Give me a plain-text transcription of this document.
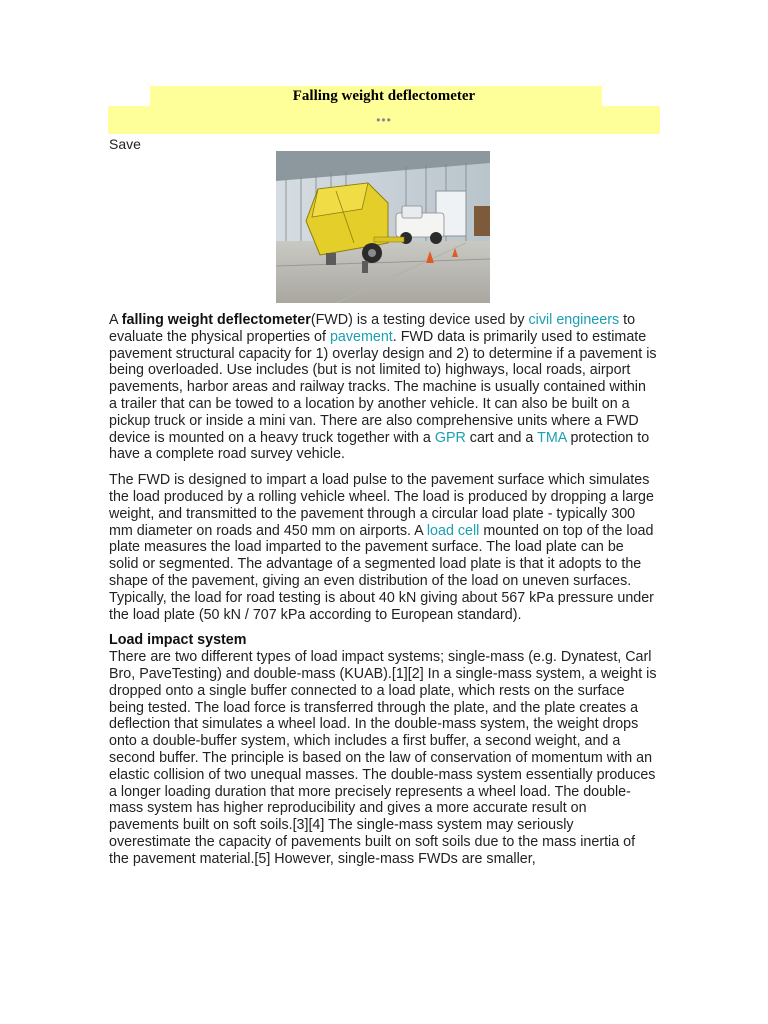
Falling weight deflectometer
•••
Save

A falling weight deflectometer(FWD) is a testing device used by civil engineers to evaluate the physical properties of pavement. FWD data is primarily used to estimate pavement structural capacity for 1) overlay design and 2) to determine if a pavement is being overloaded. Use includes (but is not limited to) highways, local roads, airport pavements, harbor areas and railway tracks. The machine is usually contained within a trailer that can be towed to a location by another vehicle. It can also be built on a pickup truck or inside a mini van. There are also comprehensive units where a FWD device is mounted on a heavy truck together with a GPR cart and a TMA protection to have a complete road survey vehicle.

The FWD is designed to impart a load pulse to the pavement surface which simulates the load produced by a rolling vehicle wheel. The load is produced by dropping a large weight, and transmitted to the pavement through a circular load plate - typically 300 mm diameter on roads and 450 mm on airports. A load cell mounted on top of the load plate measures the load imparted to the pavement surface. The load plate can be solid or segmented. The advantage of a segmented load plate is that it adopts to the shape of the pavement, giving an even distribution of the load on uneven surfaces. Typically, the load for road testing is about 40 kN giving about 567 kPa pressure under the load plate (50 kN / 707 kPa according to European standard).

Load impact system

There are two different types of load impact systems; single-mass (e.g. Dynatest, Carl Bro, PaveTesting) and double-mass (KUAB).[1][2] In a single-mass system, a weight is dropped onto a single buffer connected to a load plate, which rests on the surface being tested. The load force is transferred through the plate, and the plate creates a deflection that simulates a wheel load. In the double-mass system, the weight drops onto a double-buffer system, which includes a first buffer, a second weight, and a second buffer. The principle is based on the law of conservation of momentum with an elastic collision of two unequal masses. The double-mass system essentially produces a longer loading duration that more precisely represents a wheel load. The double-mass system has higher reproducibility and gives a more accurate result on pavements built on soft soils.[3][4] The single-mass system may seriously overestimate the capacity of pavements built on soft soils due to the mass inertia of the pavement material.[5] However, single-mass FWDs are smaller,
